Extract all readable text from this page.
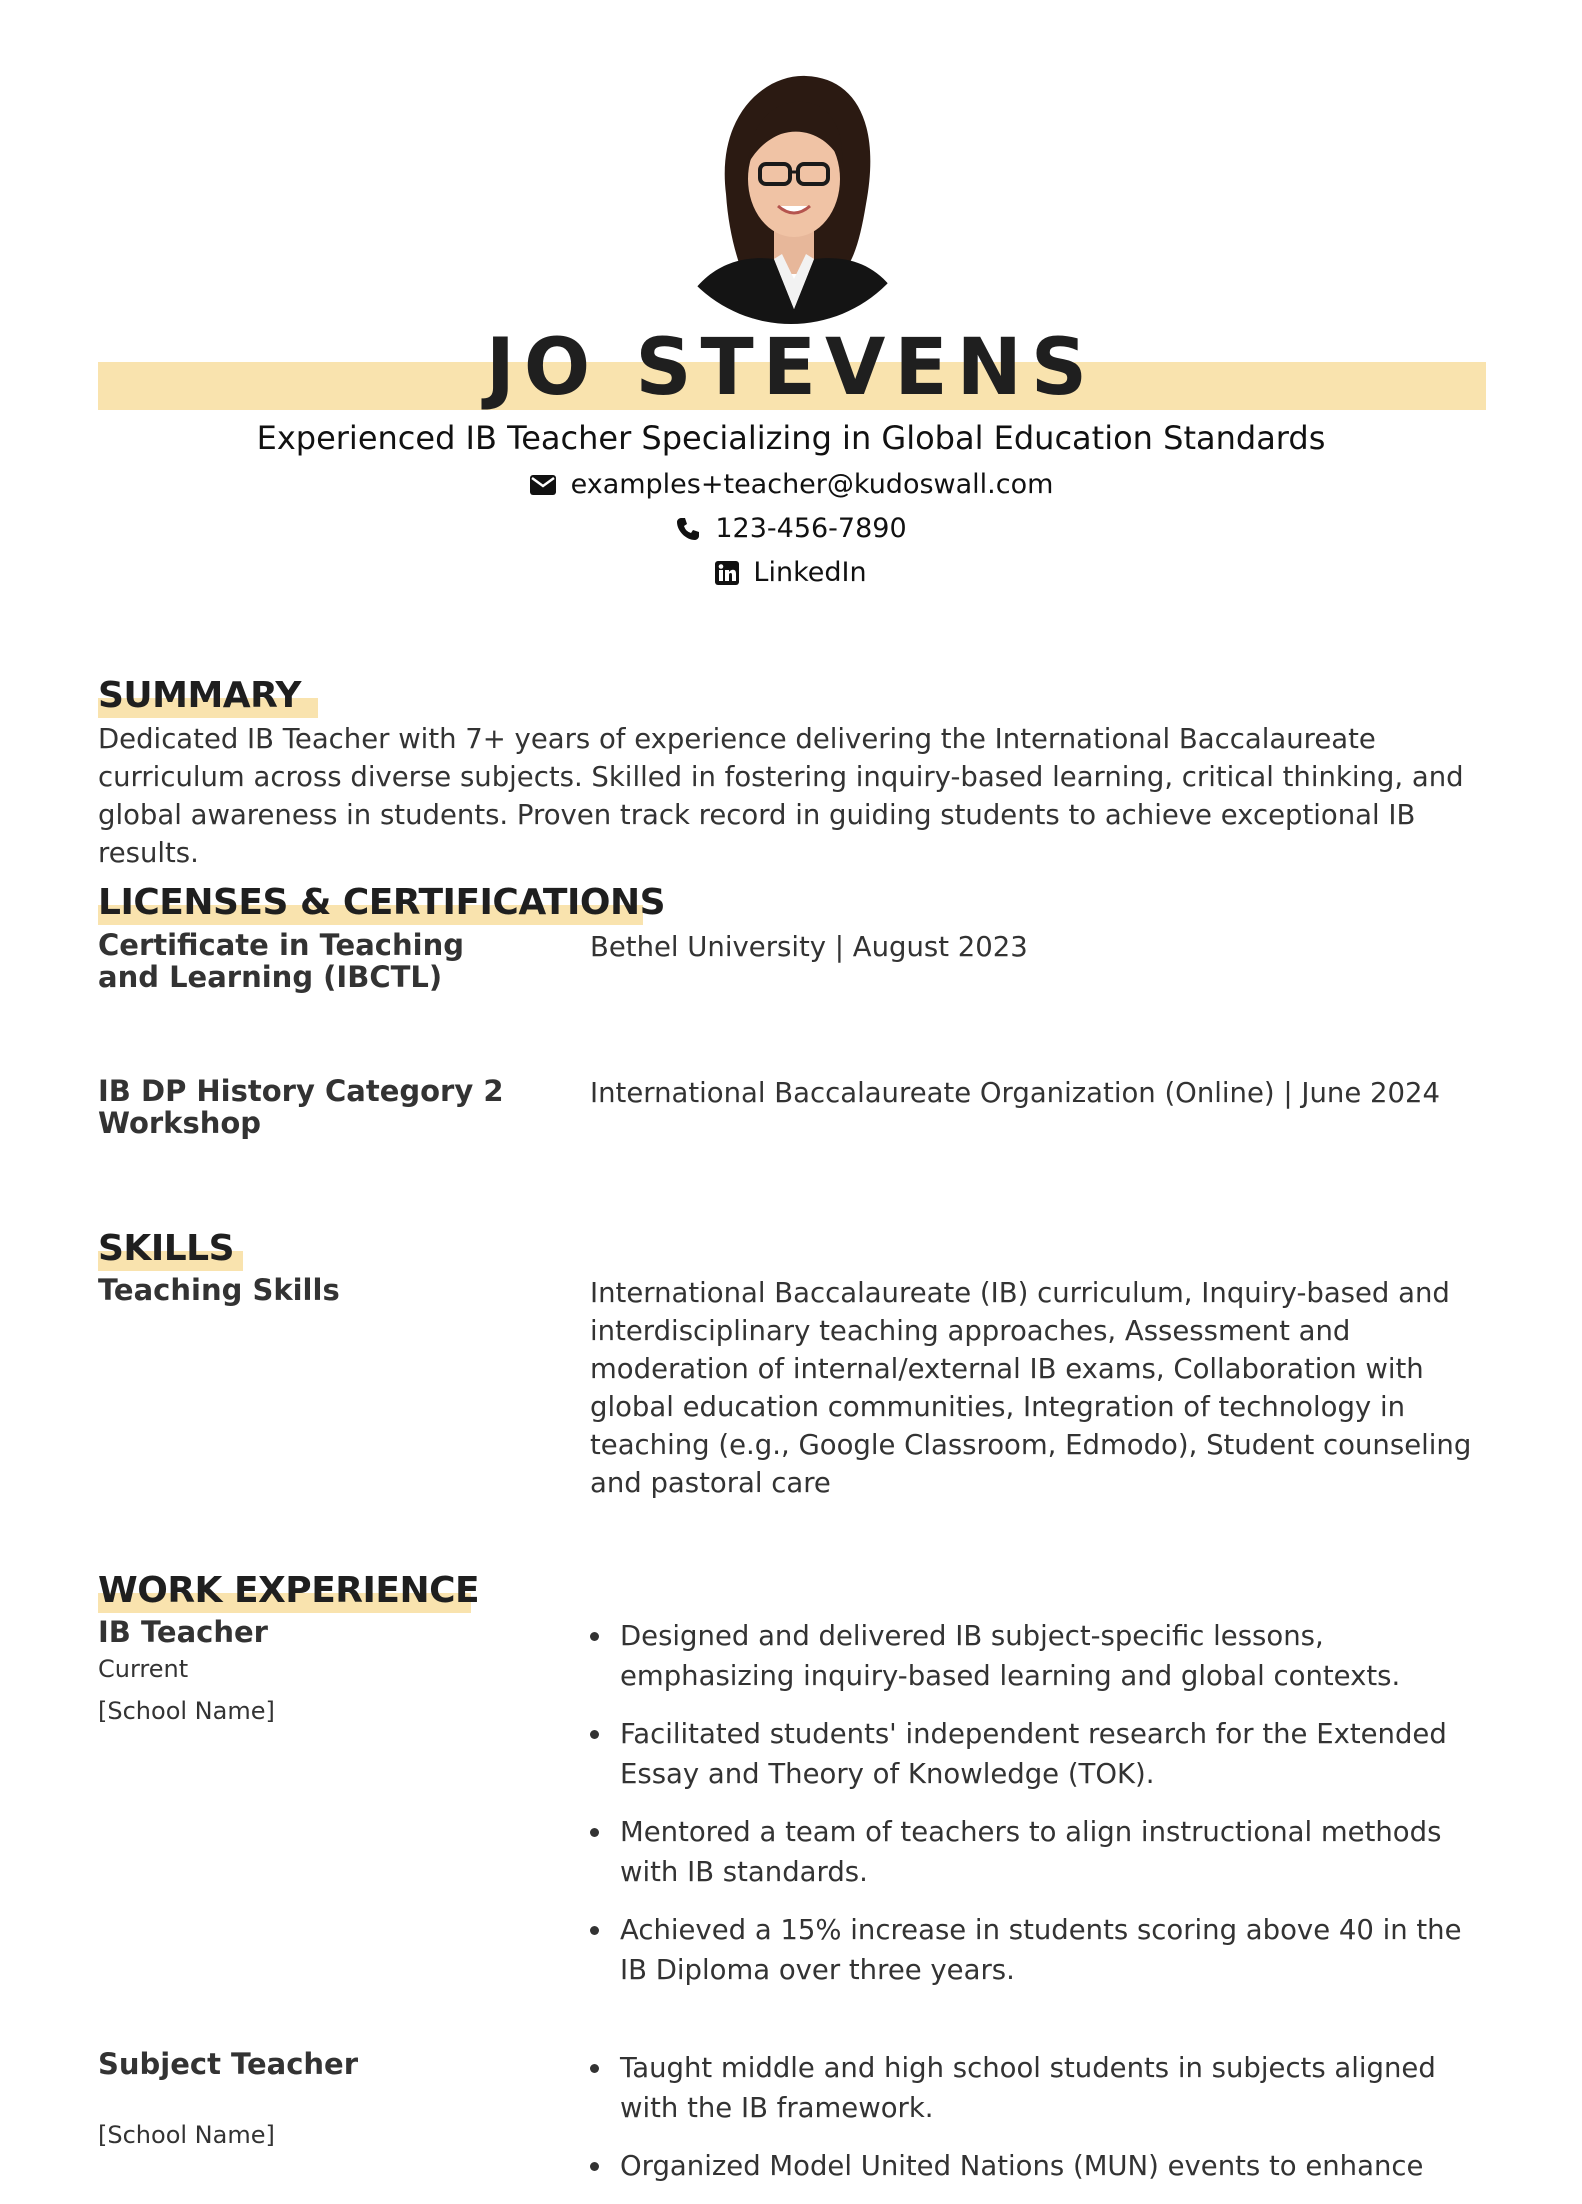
JO STEVENS
Experienced IB Teacher Specializing in Global Education Standards
examples+teacher@kudoswall.com
123-456-7890
LinkedIn
SUMMARY

Dedicated IB Teacher with 7+ years of experience delivering the International Baccalaureate curriculum across diverse subjects. Skilled in fostering inquiry-based learning, critical thinking, and global awareness in students. Proven track record in guiding students to achieve exceptional IB results.

LICENSES & CERTIFICATIONS

Certificate in Teaching and Learning (IBCTL)

Bethel University | August 2023

IB DP History Category 2 Workshop

International Baccalaureate Organization (Online) | June 2024

SKILLS

Teaching Skills	International Baccalaureate (IB) curriculum, Inquiry-based and interdisciplinary teaching approaches, Assessment and moderation of internal/external IB exams, Collaboration with global education communities, Integration of technology in teaching (e.g., Google Classroom, Edmodo), Student counseling and pastoral care

WORK EXPERIENCE

IB Teacher

Current

[School Name]

Designed and delivered IB subject-specific lessons, emphasizing inquiry-based learning and global contexts.
Facilitated students' independent research for the Extended Essay and Theory of Knowledge (TOK).
Mentored a team of teachers to align instructional methods with IB standards.
Achieved a 15% increase in students scoring above 40 in the IB Diploma over three years.

Subject Teacher

[School Name]

Taught middle and high school students in subjects aligned with the IB framework.
Organized Model United Nations (MUN) events to enhance
